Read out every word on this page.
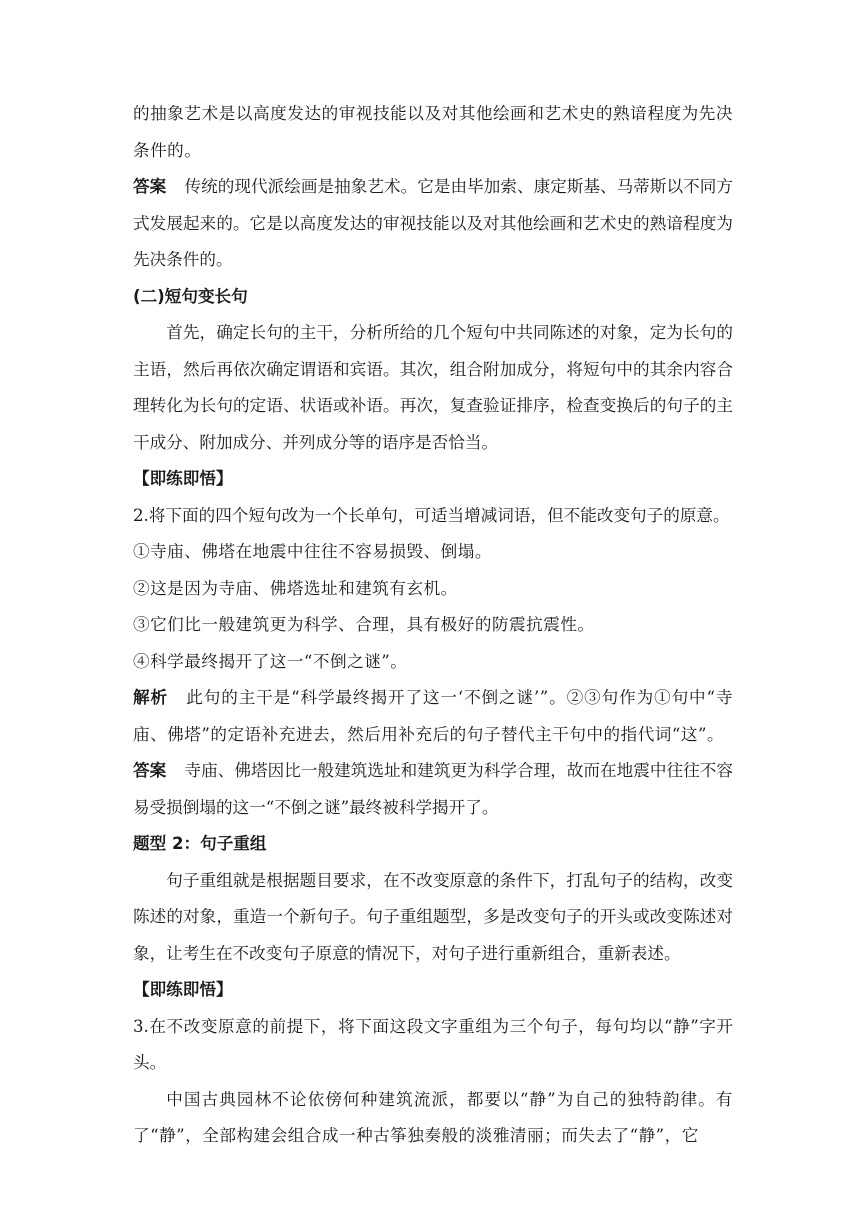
的抽象艺术是以高度发达的审视技能以及对其他绘画和艺术史的熟谙程度为先决条件的。

答案 传统的现代派绘画是抽象艺术。它是由毕加索、康定斯基、马蒂斯以不同方式发展起来的。它是以高度发达的审视技能以及对其他绘画和艺术史的熟谙程度为先决条件的。

(二)短句变长句

首先，确定长句的主干，分析所给的几个短句中共同陈述的对象，定为长句的主语，然后再依次确定谓语和宾语。其次，组合附加成分，将短句中的其余内容合理转化为长句的定语、状语或补语。再次，复查验证排序，检查变换后的句子的主干成分、附加成分、并列成分等的语序是否恰当。

【即练即悟】

2.将下面的四个短句改为一个长单句，可适当增减词语，但不能改变句子的原意。

①寺庙、佛塔在地震中往往不容易损毁、倒塌。

②这是因为寺庙、佛塔选址和建筑有玄机。

③它们比一般建筑更为科学、合理，具有极好的防震抗震性。

④科学最终揭开了这一“不倒之谜”。

解析 此句的主干是“科学最终揭开了这一‘不倒之谜’”。②③句作为①句中“寺庙、佛塔”的定语补充进去，然后用补充后的句子替代主干句中的指代词“这”。

答案 寺庙、佛塔因比一般建筑选址和建筑更为科学合理，故而在地震中往往不容易受损倒塌的这一“不倒之谜”最终被科学揭开了。

题型 2：句子重组

句子重组就是根据题目要求，在不改变原意的条件下，打乱句子的结构，改变陈述的对象，重造一个新句子。句子重组题型，多是改变句子的开头或改变陈述对象，让考生在不改变句子原意的情况下，对句子进行重新组合，重新表述。

【即练即悟】

3.在不改变原意的前提下，将下面这段文字重组为三个句子，每句均以“静”字开头。

中国古典园林不论依傍何种建筑流派，都要以“静”为自己的独特韵律。有了“静”，全部构建会组合成一种古筝独奏般的淡雅清丽；而失去了“静”，它
